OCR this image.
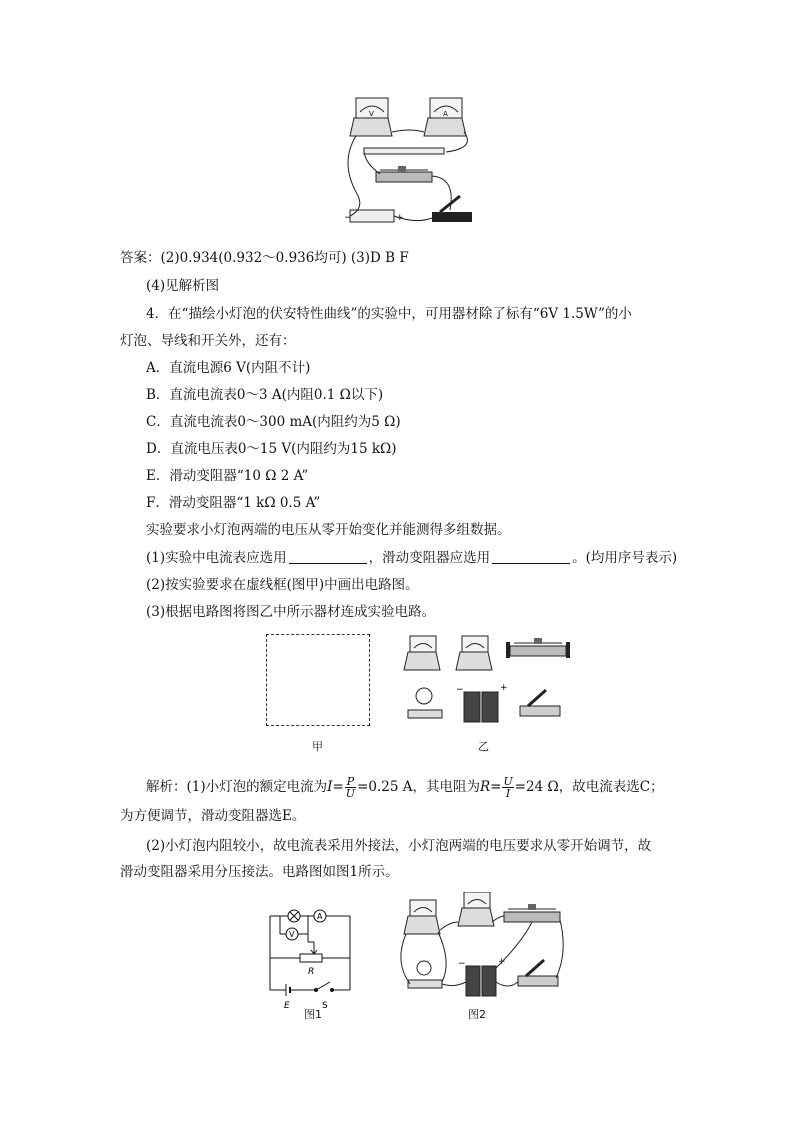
V	A
−	+
答案：(2)0.934(0.932～0.936均可) (3)D B F
(4)见解析图
4．在“描绘小灯泡的伏安特性曲线”的实验中，可用器材除了标有“6V 1.5W”的小
灯泡、导线和开关外，还有：
A．直流电源6 V(内阻不计)
B．直流电流表0～3 A(内阻0.1 Ω以下)
C．直流电流表0～300 mA(内阻约为5 Ω)
D．直流电压表0～15 V(内阻约为15 kΩ)
E．滑动变阻器“10 Ω 2 A”
F．滑动变阻器“1 kΩ 0.5 A”
实验要求小灯泡两端的电压从零开始变化并能测得多组数据。
(1)实验中电流表应选用	，滑动变阻器应选用	。(均用序号表示)
(2)按实验要求在虚线框(图甲)中画出电路图。
(3)根据电路图将图乙中所示器材连成实验电路。
甲
−	+
乙
解析：(1)小灯泡的额定电流为$I= \frac{P}{U} =0.25$ A，其电阻为$R= \frac{U}{I} =24$ Ω，故电流表选C；
为方便调节，滑动变阻器选E。
(2)小灯泡内阻较小，故电流表采用外接法，小灯泡两端的电压要求从零开始调节，故
滑动变阻器采用分压接法。电路图如图1所示。
A
V
R
E	S
图1
−	+
图2
